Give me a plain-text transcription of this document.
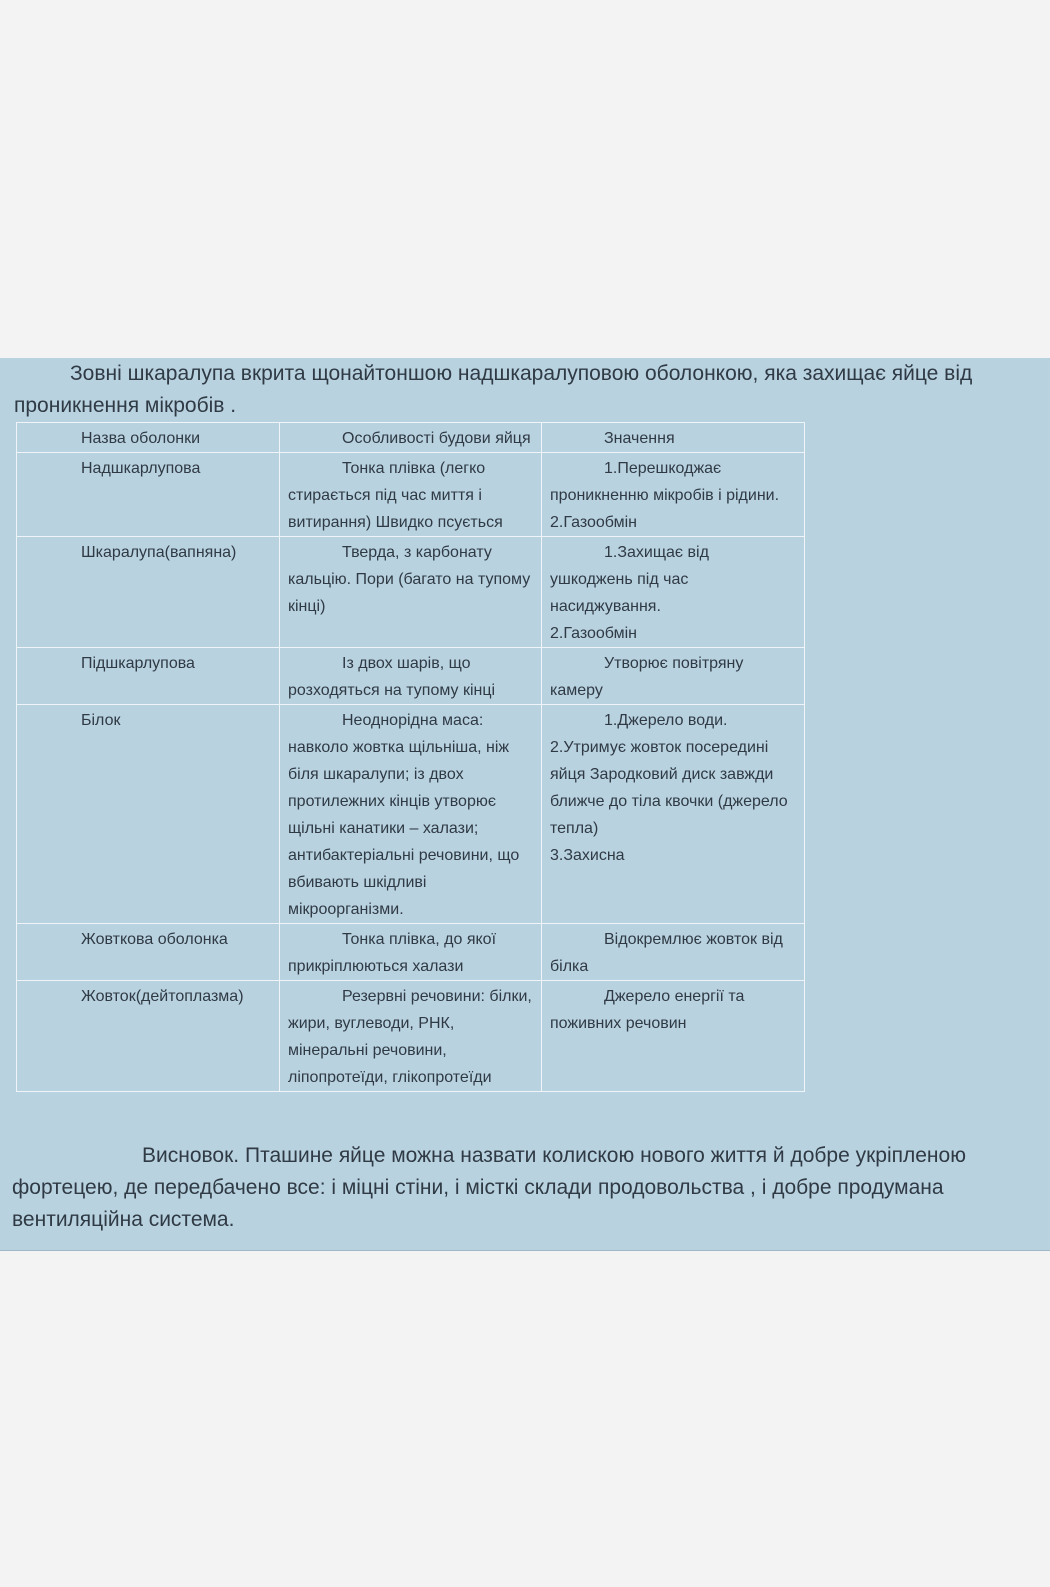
Зовні шкаралупа вкрита щонайтоншою надшкаралуповою оболонкою, яка захищає яйце від проникнення мікробів .

Назва оболонки	Особливості будови яйця	Значення

Надшкарлупова	Тонка плівка (легко стирається під час миття і витирання) Швидко псується	1.Перешкоджає проникненню мікробів і рідини.
2.Газообмін

Шкаралупа(вапняна)	Тверда, з карбонату кальцію. Пори (багато на тупому кінці)	1.Захищає від ушкоджень під час насиджування.
2.Газообмін

Підшкарлупова	Із двох шарів, що розходяться на тупому кінці	Утворює повітряну камеру

Білок	Неоднорідна маса: навколо жовтка щільніша, ніж біля шкаралупи; із двох протилежних кінців утворює щільні канатики – халази; антибактеріальні речовини, що вбивають шкідливі мікроорганізми.	1.Джерело води.
2.Утримує жовток посередині яйця Зародковий диск завжди ближче до тіла квочки (джерело тепла)
3.Захисна

Жовткова оболонка	Тонка плівка, до якої прикріплюються халази	Відокремлює жовток від білка

Жовток(дейтоплазма)	Резервні речовини: білки, жири, вуглеводи, РНК, мінеральні речовини, ліпопротеїди, глікопротеїди	Джерело енергії та поживних речовин

Висновок. Пташине яйце можна назвати колискою нового життя й добре укріпленою фортецею, де передбачено все: і міцні стіни, і місткі склади продовольства , і добре продумана вентиляційна система.
